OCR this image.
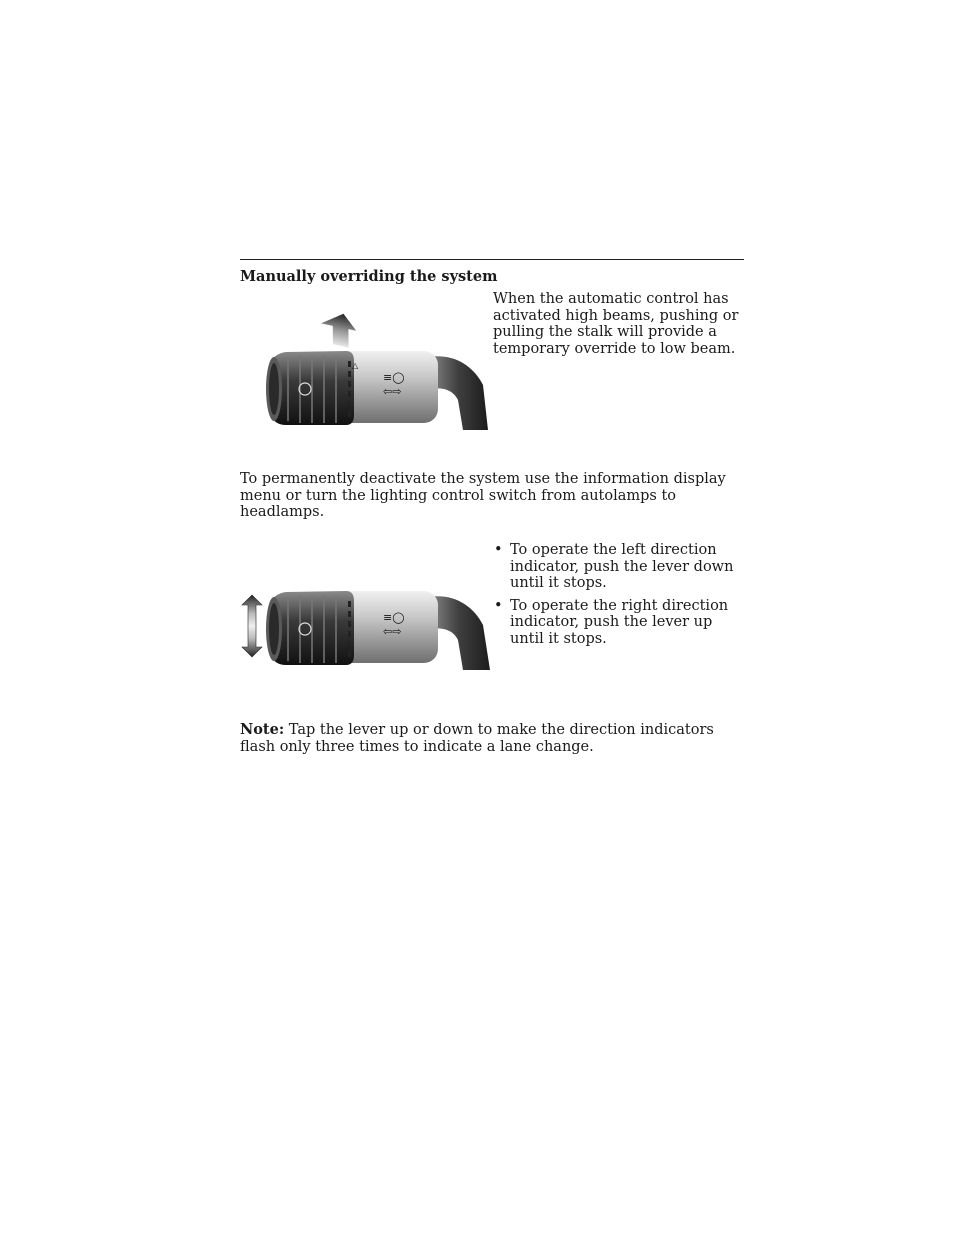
Manually overriding the system
≡◯
⇦⇨
◁
When the automatic control has activated high beams, pushing or pulling the stalk will provide a temporary override to low beam.
To permanently deactivate the system use the information display menu or turn the lighting control switch from autolamps to headlamps.
≡◯
⇦⇨
• To operate the left direction indicator, push the lever down until it stops.
• To operate the right direction indicator, push the lever up until it stops.
Note: Tap the lever up or down to make the direction indicators flash only three times to indicate a lane change.
